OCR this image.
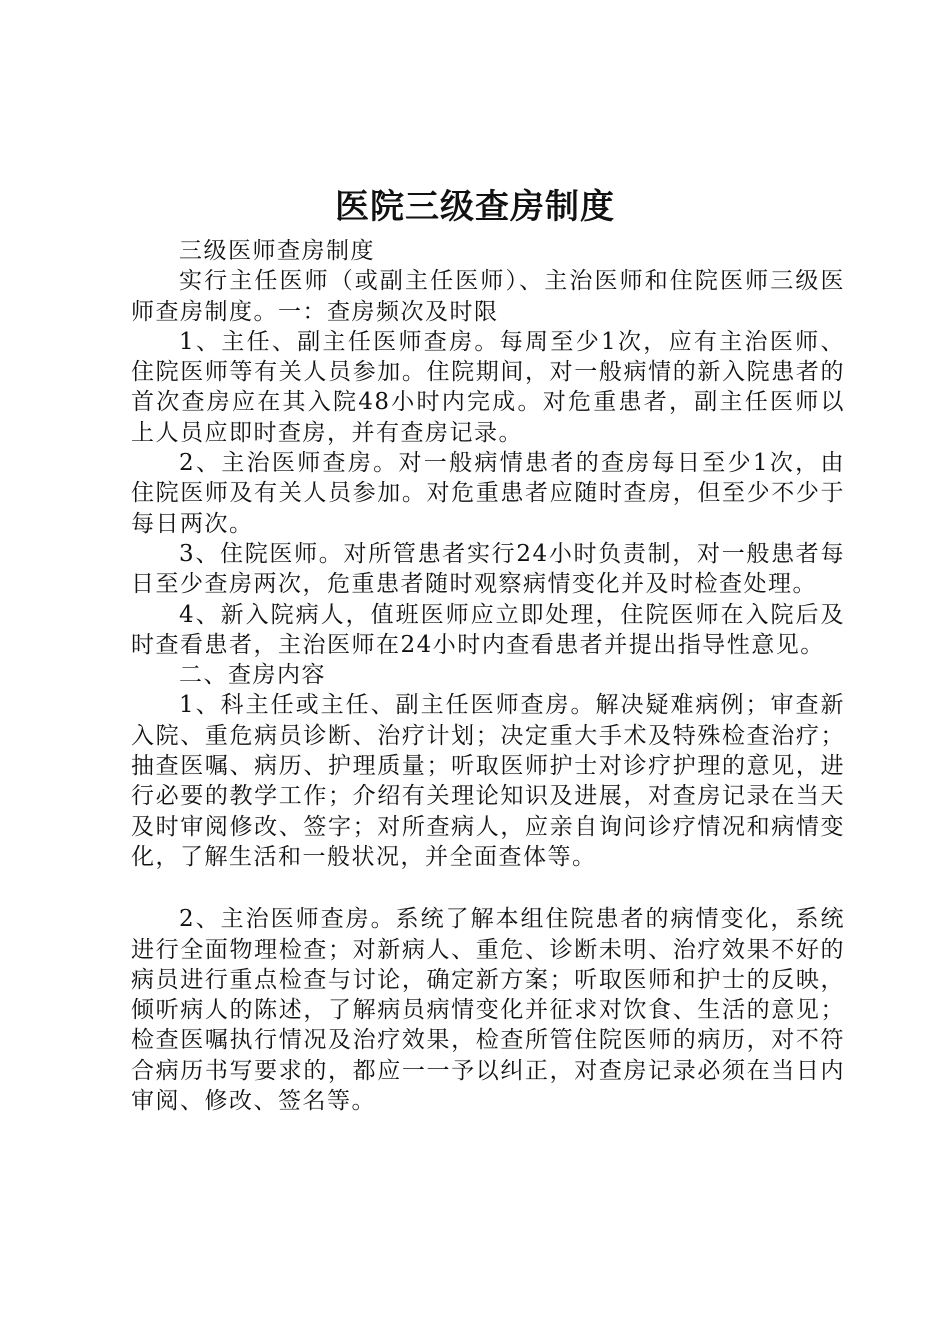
医院三级查房制度

三级医师查房制度

实行主任医师（或副主任医师）、主治医师和住院医师三级医师查房制度。一：查房频次及时限

1、主任、副主任医师查房。每周至少1次，应有主治医师、住院医师等有关人员参加。住院期间，对一般病情的新入院患者的首次查房应在其入院48小时内完成。对危重患者，副主任医师以上人员应即时查房，并有查房记录。

2、主治医师查房。对一般病情患者的查房每日至少1次，由住院医师及有关人员参加。对危重患者应随时查房，但至少不少于每日两次。

3、住院医师。对所管患者实行24小时负责制，对一般患者每日至少查房两次，危重患者随时观察病情变化并及时检查处理。

4、新入院病人，值班医师应立即处理，住院医师在入院后及时查看患者，主治医师在24小时内查看患者并提出指导性意见。

二、查房内容

1、科主任或主任、副主任医师查房。解决疑难病例；审查新入院、重危病员诊断、治疗计划；决定重大手术及特殊检查治疗；抽查医嘱、病历、护理质量；听取医师护士对诊疗护理的意见，进行必要的教学工作；介绍有关理论知识及进展，对查房记录在当天及时审阅修改、签字；对所查病人，应亲自询问诊疗情况和病情变化，了解生活和一般状况，并全面查体等。

2、主治医师查房。系统了解本组住院患者的病情变化，系统进行全面物理检查；对新病人、重危、诊断未明、治疗效果不好的病员进行重点检查与讨论，确定新方案；听取医师和护士的反映，倾听病人的陈述，了解病员病情变化并征求对饮食、生活的意见；检查医嘱执行情况及治疗效果，检查所管住院医师的病历，对不符合病历书写要求的，都应一一予以纠正，对查房记录必须在当日内审阅、修改、签名等。
